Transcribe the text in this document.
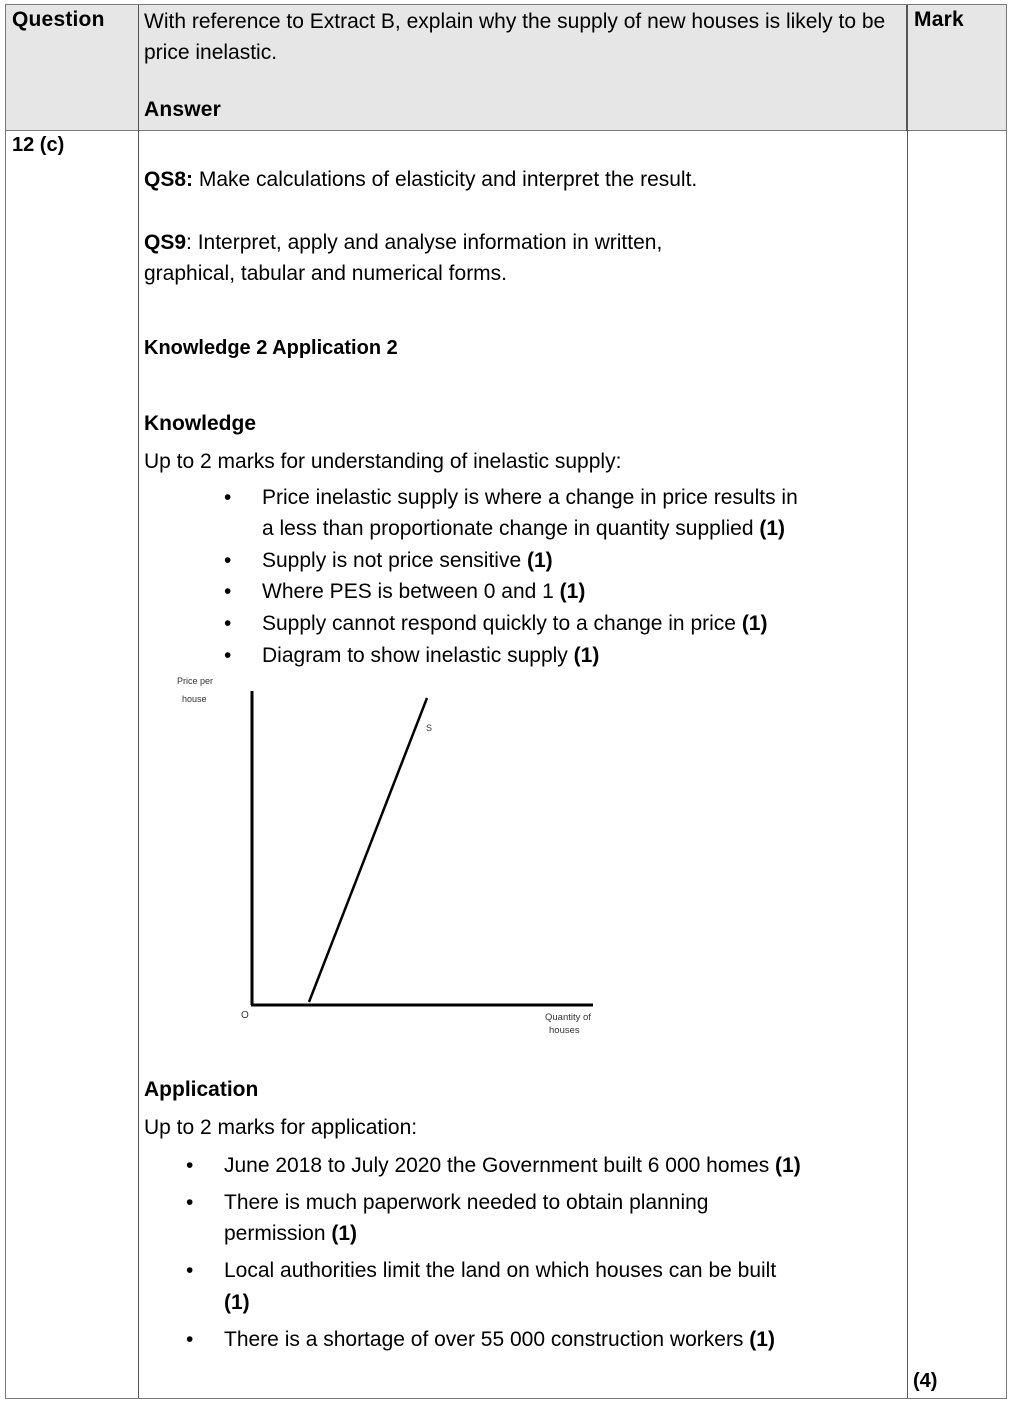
Question With reference to Extract B, explain why the supply of new houses is likely to be price inelastic.
Answer
Mark
12 (c)
QS8: Make calculations of elasticity and interpret the result.
QS9: Interpret, apply and analyse information in written,
graphical, tabular and numerical forms.
Knowledge 2 Application 2
Knowledge
Up to 2 marks for understanding of inelastic supply:
• Price inelastic supply is where a change in price results in
a less than proportionate change in quantity supplied (1)
• Supply is not price sensitive (1)
• Where PES is between 0 and 1 (1)
• Supply cannot respond quickly to a change in price (1)
• Diagram to show inelastic supply (1)
Application
Up to 2 marks for application:
• June 2018 to July 2020 the Government built 6 000 homes (1)
• There is much paperwork needed to obtain planning
permission (1)
• Local authorities limit the land on which houses can be built
(1)
• There is a shortage of over 55 000 construction workers (1)
Price per
house
S
O	Quantity of
houses
(4)
